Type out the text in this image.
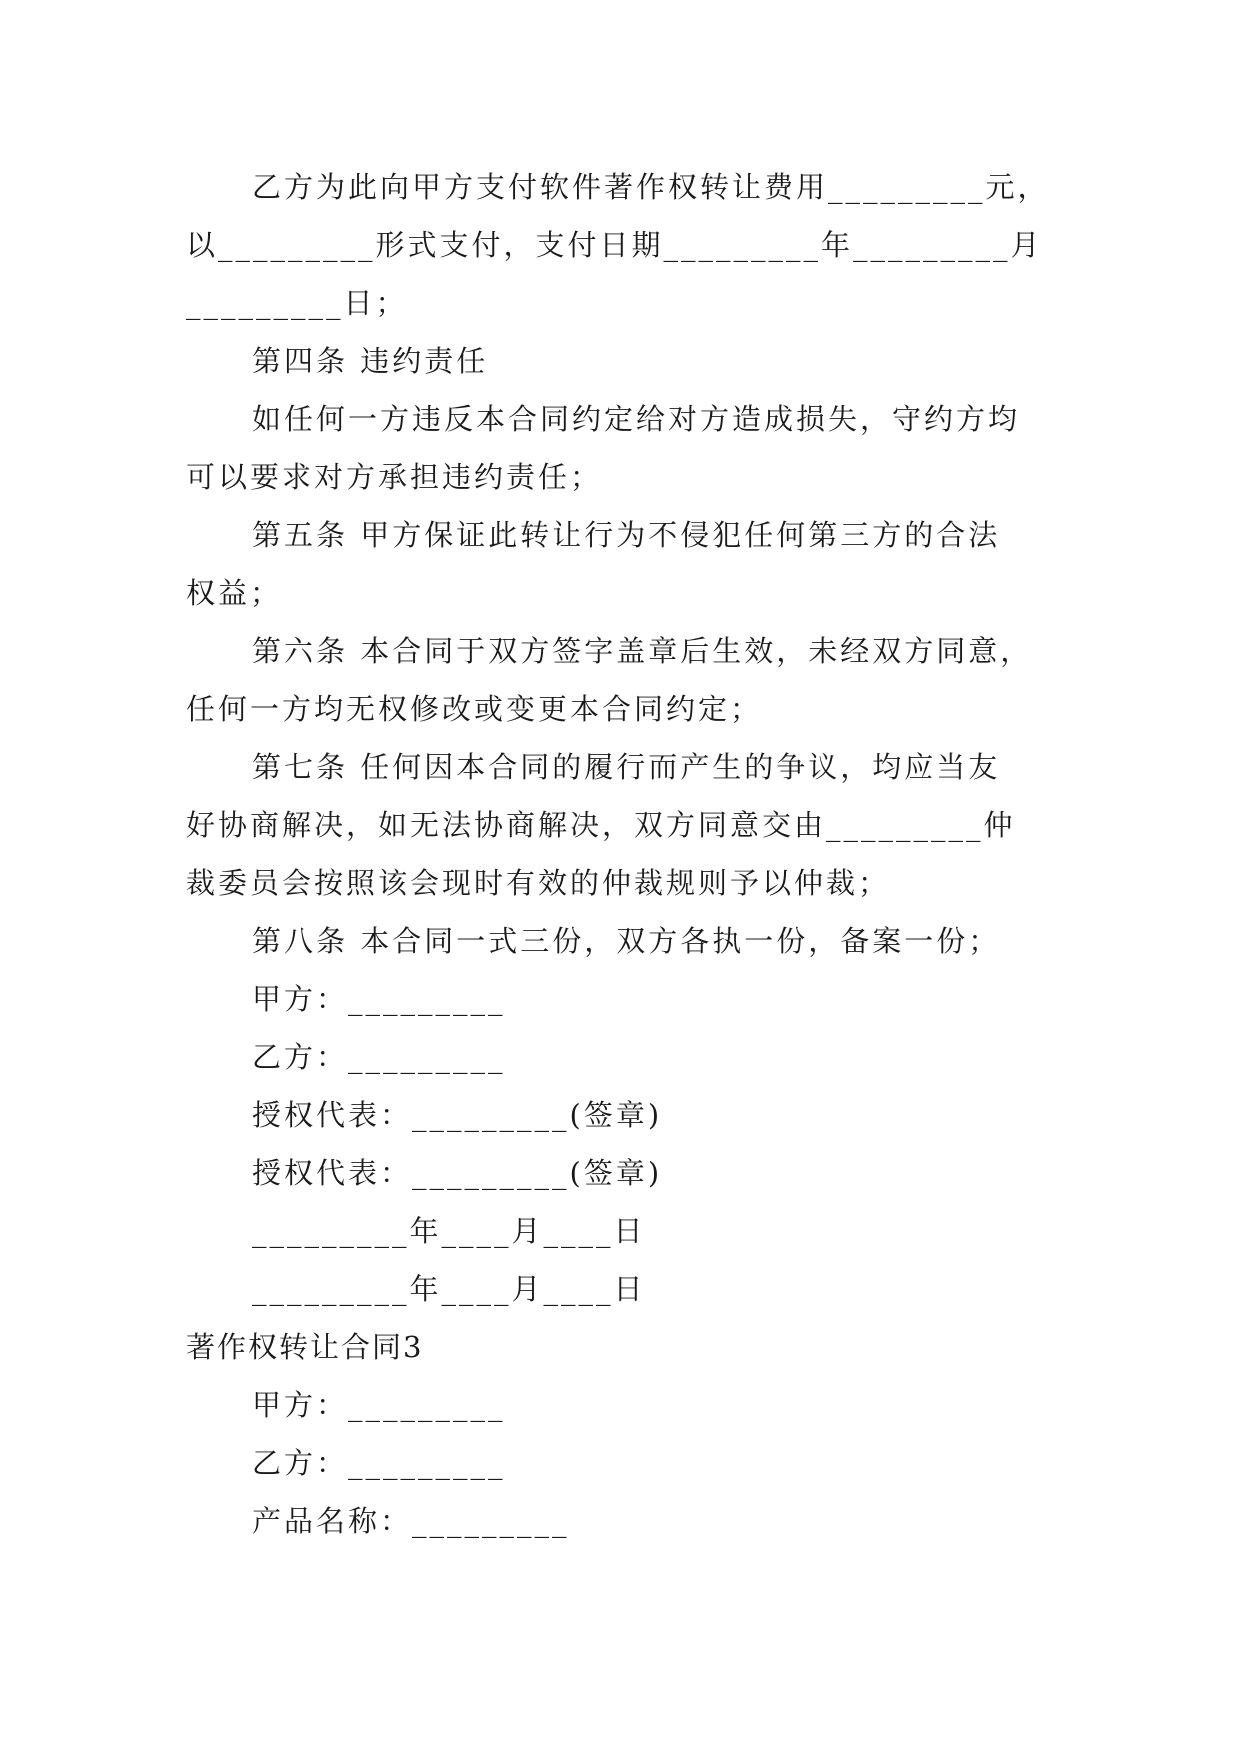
乙方为此向甲方支付软件著作权转让费用_________元，

以_________形式支付，支付日期_________年_________月

_________日；

第四条 违约责任

如任何一方违反本合同约定给对方造成损失，守约方均

可以要求对方承担违约责任；

第五条 甲方保证此转让行为不侵犯任何第三方的合法

权益；

第六条 本合同于双方签字盖章后生效，未经双方同意，

任何一方均无权修改或变更本合同约定；

第七条 任何因本合同的履行而产生的争议，均应当友

好协商解决，如无法协商解决，双方同意交由_________仲

裁委员会按照该会现时有效的仲裁规则予以仲裁；

第八条 本合同一式三份，双方各执一份，备案一份；

甲方：_________

乙方：_________

授权代表：_________(签章)

授权代表：_________(签章)

_________年____月____日

_________年____月____日

著作权转让合同3

甲方：_________

乙方：_________

产品名称：_________
